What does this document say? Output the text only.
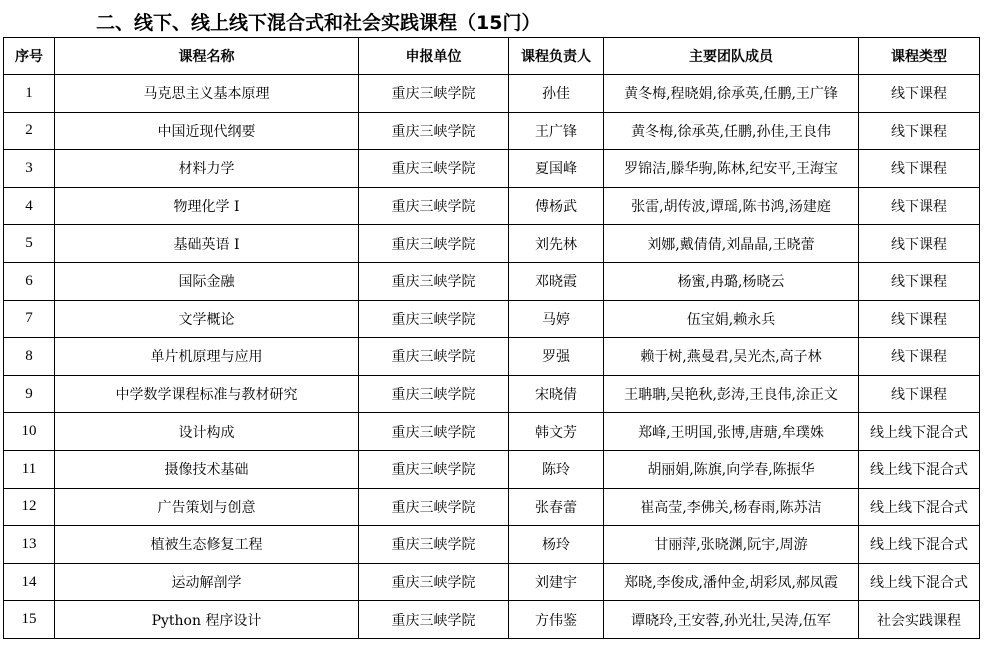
二、线下、线上线下混合式和社会实践课程（15门）
序号	课程名称	申报单位	课程负责人	主要团队成员	课程类型
1	马克思主义基本原理	重庆三峡学院	孙佳	黄冬梅,程晓娟,徐承英,任鹏,王广锋	线下课程
2	中国近现代纲要	重庆三峡学院	王广锋	黄冬梅,徐承英,任鹏,孙佳,王良伟	线下课程
3	材料力学	重庆三峡学院	夏国峰	罗锦洁,滕华驹,陈林,纪安平,王海宝	线下课程
4	物理化学 I	重庆三峡学院	傅杨武	张雷,胡传波,谭瑶,陈书鸿,汤建庭	线下课程
5	基础英语 I	重庆三峡学院	刘先林	刘娜,戴倩倩,刘晶晶,王晓蕾	线下课程
6	国际金融	重庆三峡学院	邓晓霞	杨蜜,冉璐,杨晓云	线下课程
7	文学概论	重庆三峡学院	马婷	伍宝娟,赖永兵	线下课程
8	单片机原理与应用	重庆三峡学院	罗强	赖于树,燕曼君,吴光杰,高子林	线下课程
9	中学数学课程标准与教材研究	重庆三峡学院	宋晓倩	王聃聃,吴艳秋,彭涛,王良伟,涂正文	线下课程
10	设计构成	重庆三峡学院	韩文芳	郑峰,王明国,张博,唐瑭,牟璞姝	线上线下混合式
11	摄像技术基础	重庆三峡学院	陈玲	胡丽娟,陈旗,向学春,陈振华	线上线下混合式
12	广告策划与创意	重庆三峡学院	张春蕾	崔高莹,李佛关,杨春雨,陈苏洁	线上线下混合式
13	植被生态修复工程	重庆三峡学院	杨玲	甘丽萍,张晓渊,阮宇,周游	线上线下混合式
14	运动解剖学	重庆三峡学院	刘建宇	郑晓,李俊成,潘仲金,胡彩凤,郝凤霞	线上线下混合式
15	Python 程序设计	重庆三峡学院	方伟鉴	谭晓玲,王安蓉,孙光壮,吴涛,伍军	社会实践课程
